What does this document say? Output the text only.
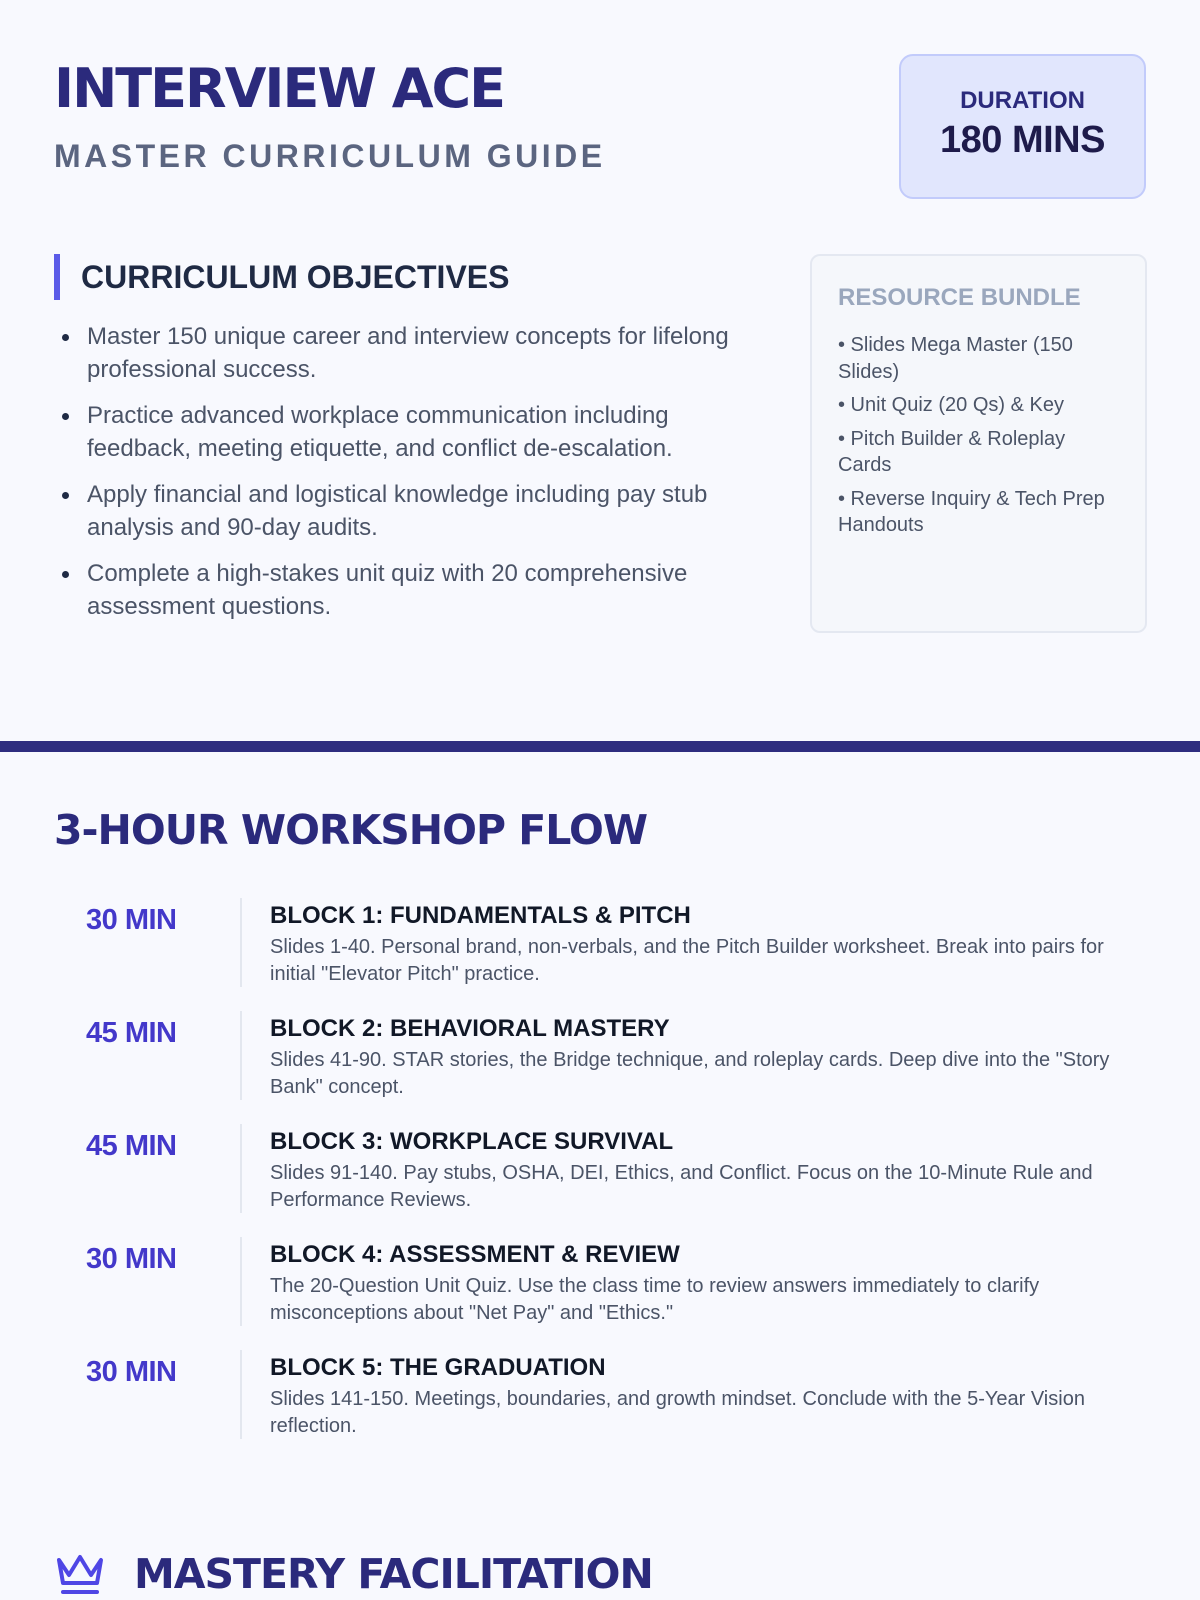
INTERVIEW ACE
MASTER CURRICULUM GUIDE
DURATION
180 MINS
CURRICULUM OBJECTIVES
Master 150 unique career and interview concepts for lifelong professional success.
Practice advanced workplace communication including feedback, meeting etiquette, and conflict de-escalation.
Apply financial and logistical knowledge including pay stub analysis and 90-day audits.
Complete a high-stakes unit quiz with 20 comprehensive assessment questions.
RESOURCE BUNDLE
• Slides Mega Master (150 Slides)
• Unit Quiz (20 Qs) & Key
• Pitch Builder & Roleplay Cards
• Reverse Inquiry & Tech Prep Handouts
3-HOUR WORKSHOP FLOW
30 MIN	BLOCK 1: FUNDAMENTALS & PITCH
Slides 1-40. Personal brand, non-verbals, and the Pitch Builder worksheet. Break into pairs for initial "Elevator Pitch" practice.
45 MIN	BLOCK 2: BEHAVIORAL MASTERY
Slides 41-90. STAR stories, the Bridge technique, and roleplay cards. Deep dive into the "Story Bank" concept.
45 MIN	BLOCK 3: WORKPLACE SURVIVAL
Slides 91-140. Pay stubs, OSHA, DEI, Ethics, and Conflict. Focus on the 10-Minute Rule and Performance Reviews.
30 MIN	BLOCK 4: ASSESSMENT & REVIEW
The 20-Question Unit Quiz. Use the class time to review answers immediately to clarify misconceptions about "Net Pay" and "Ethics."
30 MIN	BLOCK 5: THE GRADUATION
Slides 141-150. Meetings, boundaries, and growth mindset. Conclude with the 5-Year Vision reflection.
MASTERY FACILITATION
